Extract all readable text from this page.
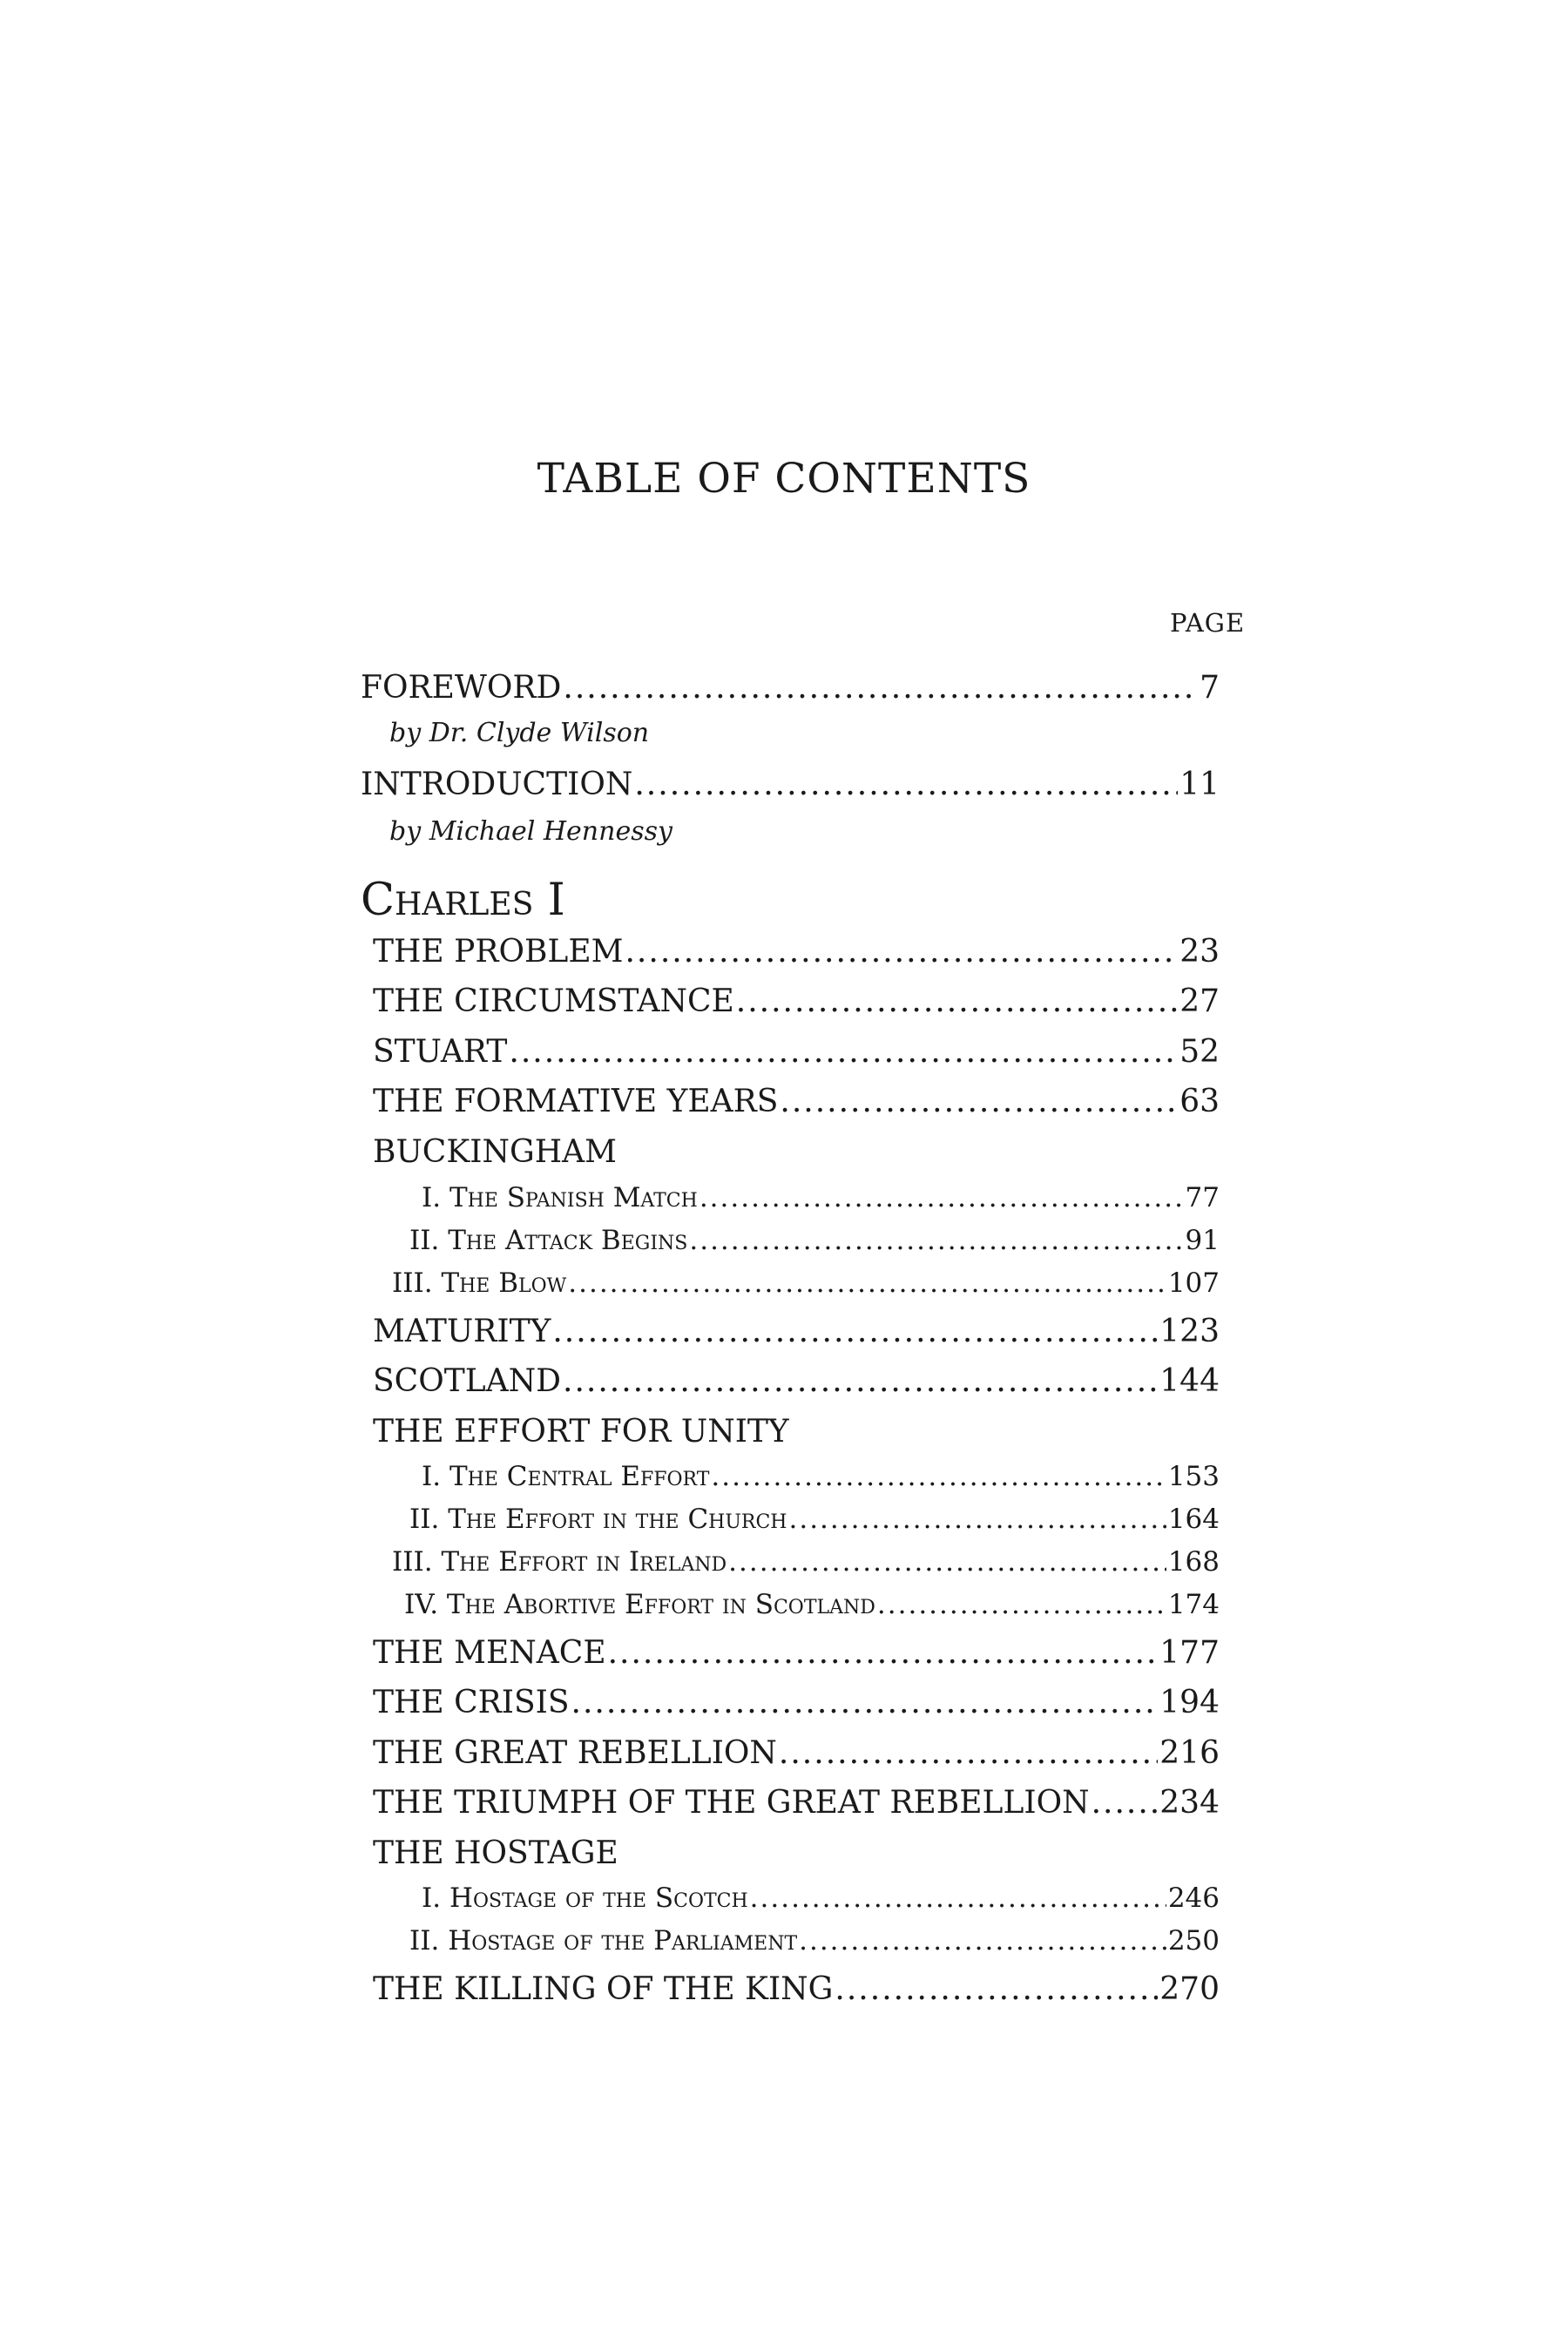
TABLE OF CONTENTS
PAGE
FOREWORD .....	7
by Dr. Clyde Wilson
INTRODUCTION .....	11
by Michael Hennessy
Charles I
THE PROBLEM .....	23
THE CIRCUMSTANCE .....	27
STUART .....	52
THE FORMATIVE YEARS .....	63
BUCKINGHAM
I. The Spanish Match .....	77
II. The Attack Begins .....	91
III. The Blow .....	107
MATURITY .....	123
SCOTLAND .....	144
THE EFFORT FOR UNITY
I. The Central Effort .....	153
II. The Effort in the Church .....	164
III. The Effort in Ireland .....	168
IV. The Abortive Effort in Scotland .....	174
THE MENACE .....	177
THE CRISIS .....	194
THE GREAT REBELLION .....	216
THE TRIUMPH OF THE GREAT REBELLION ..... 234
THE HOSTAGE
I. Hostage of the Scotch .....	246
II. Hostage of the Parliament .....	250
THE KILLING OF THE KING .....	270
